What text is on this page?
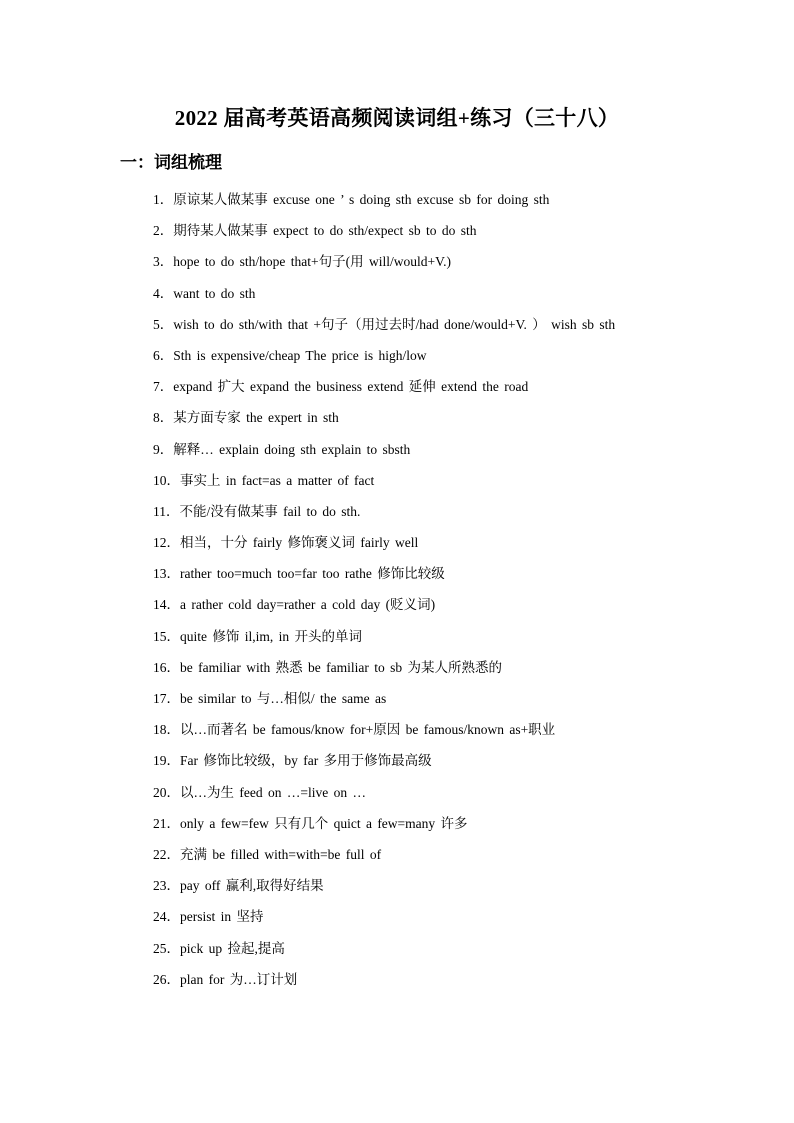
2022 届高考英语高频阅读词组+练习（三十八）
一：词组梳理
1．原谅某人做某事 excuse one ’ s doing sth excuse sb for doing sth
2．期待某人做某事 expect to do sth/expect sb to do sth
3．hope to do sth/hope that+句子(用 will/would+V.)
4．want to do sth
5．wish to do sth/with that +句子（用过去时/had done/would+V. ） wish sb sth
6．Sth is expensive/cheap The price is high/low
7．expand 扩大 expand the business extend 延伸 extend the road
8．某方面专家 the expert in sth
9．解释… explain doing sth explain to sbsth
10．事实上 in fact=as a matter of fact
11．不能/没有做某事 fail to do sth.
12．相当，十分 fairly 修饰褒义词 fairly well
13．rather too=much too=far too rathe 修饰比较级
14．a rather cold day=rather a cold day (贬义词)
15．quite 修饰 il,im, in 开头的单词
16．be familiar with 熟悉 be familiar to sb 为某人所熟悉的
17．be similar to 与…相似/ the same as
18．以…而著名 be famous/know for+原因 be famous/known as+职业
19．Far 修饰比较级，by far 多用于修饰最高级
20．以…为生 feed on …=live on …
21．only a few=few 只有几个 quict a few=many 许多
22．充满 be filled with=with=be full of
23．pay off 赢利,取得好结果
24．persist in 坚持
25．pick up 捡起,提高
26．plan for 为…订计划
